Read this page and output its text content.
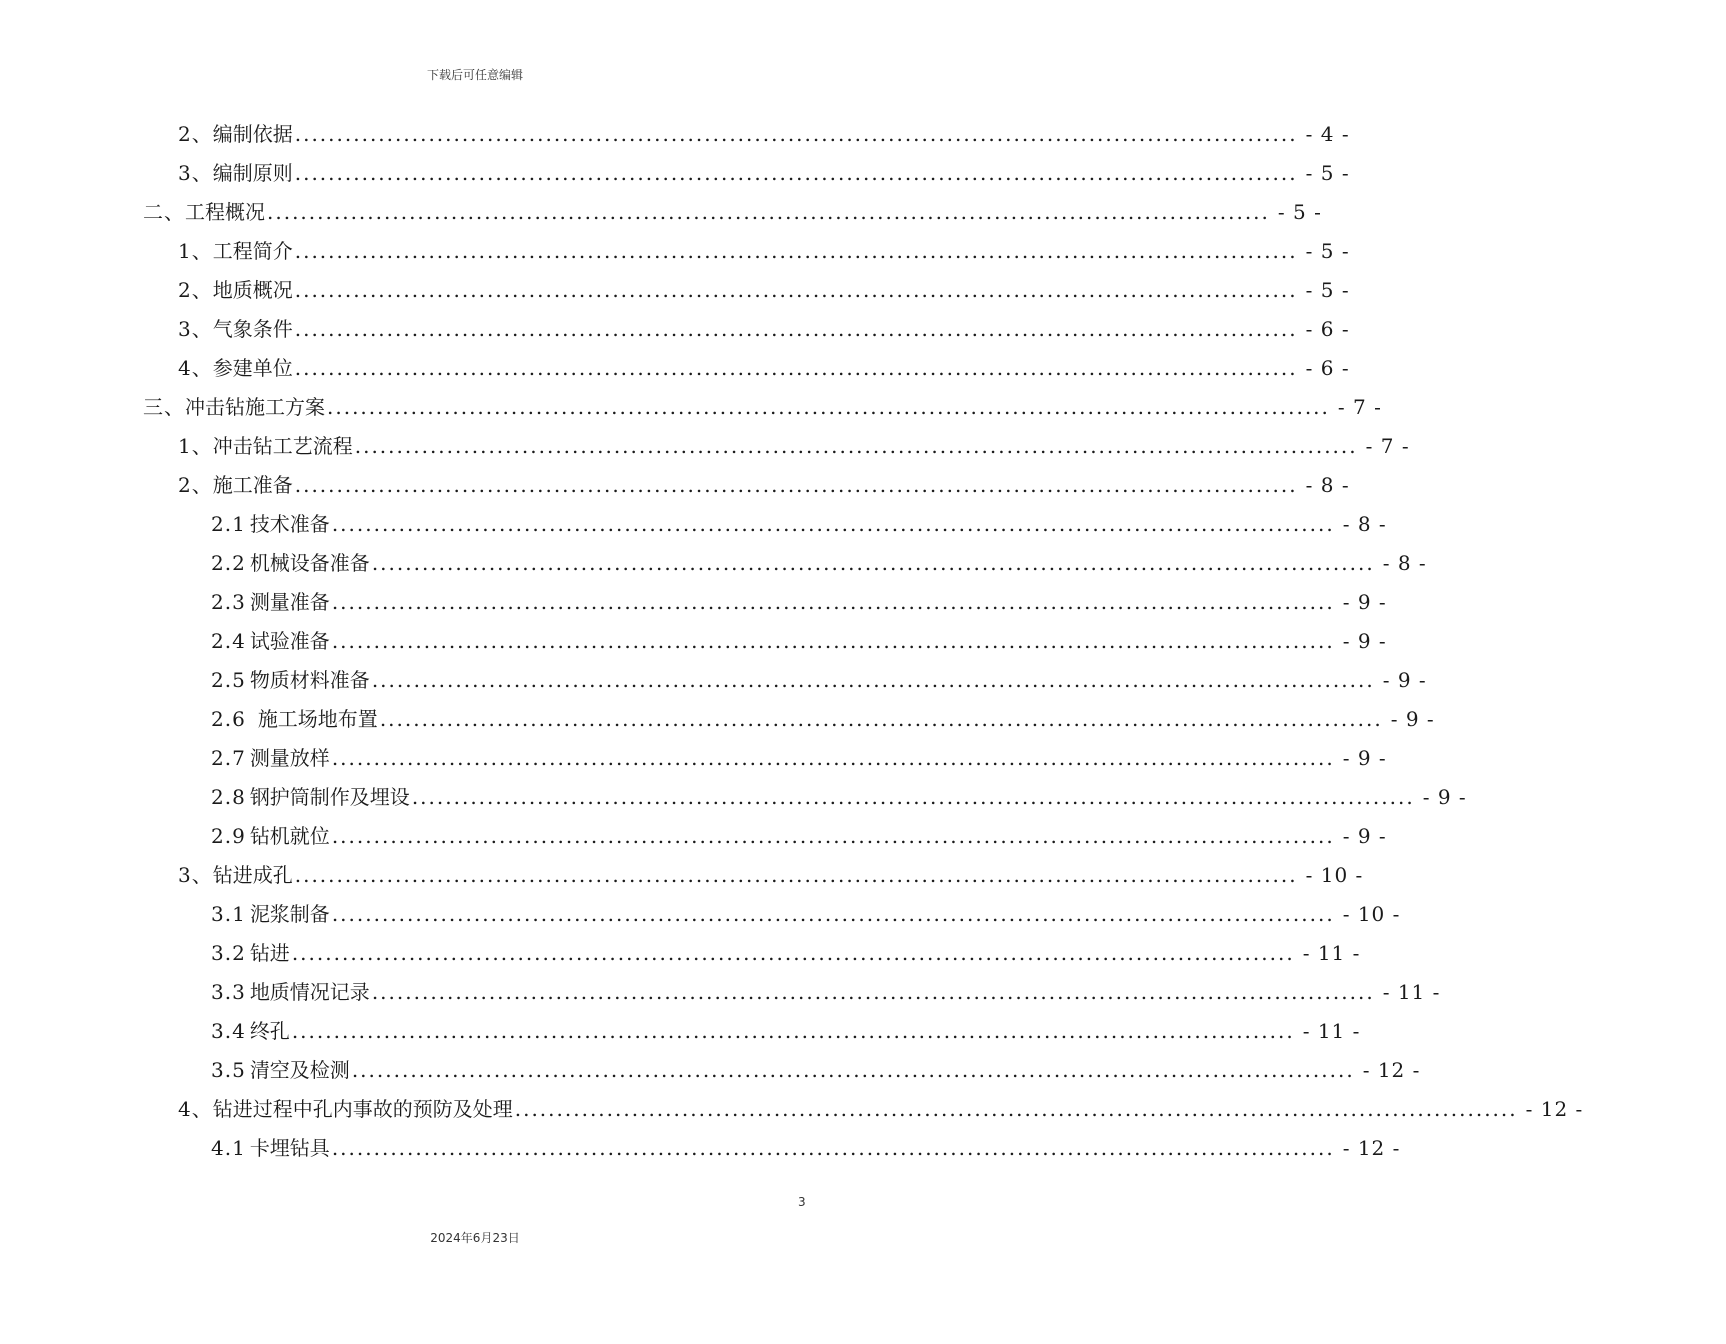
下载后可任意编辑
2、 编制依据 ........................................................................................................................ - 4 -
3、 编制原则 ........................................................................................................................ - 5 -
二、 工程概况 ........................................................................................................................ - 5 -
1、 工程简介 ........................................................................................................................ - 5 -
2、 地质概况 ........................................................................................................................ - 5 -
3、 气象条件 ........................................................................................................................ - 6 -
4、 参建单位 ........................................................................................................................ - 6 -
三、 冲击钻施工方案 ........................................................................................................................ - 7 -
1、 冲击钻工艺流程 ........................................................................................................................ - 7 -
2、 施工准备 ........................................................................................................................ - 8 -
2.1 技术准备 ........................................................................................................................ - 8 -
2.2 机械设备准备 ........................................................................................................................ - 8 -
2.3 测量准备 ........................................................................................................................ - 9 -
2.4 试验准备 ........................................................................................................................ - 9 -
2.5 物质材料准备 ........................................................................................................................ - 9 -
2.6 施工场地布置 ........................................................................................................................ - 9 -
2.7 测量放样 ........................................................................................................................ - 9 -
2.8 钢护筒制作及埋设 ........................................................................................................................ - 9 -
2.9 钻机就位 ........................................................................................................................ - 9 -
3、 钻进成孔 ........................................................................................................................ - 10 -
3.1 泥浆制备 ........................................................................................................................ - 10 -
3.2 钻进 ........................................................................................................................ - 11 -
3.3 地质情况记录 ........................................................................................................................ - 11 -
3.4 终孔 ........................................................................................................................ - 11 -
3.5 清空及检测 ........................................................................................................................ - 12 -
4、 钻进过程中孔内事故的预防及处理 ........................................................................................................................ - 12 -
4.1 卡埋钻具 ........................................................................................................................ - 12 -
3
2024年6月23日
